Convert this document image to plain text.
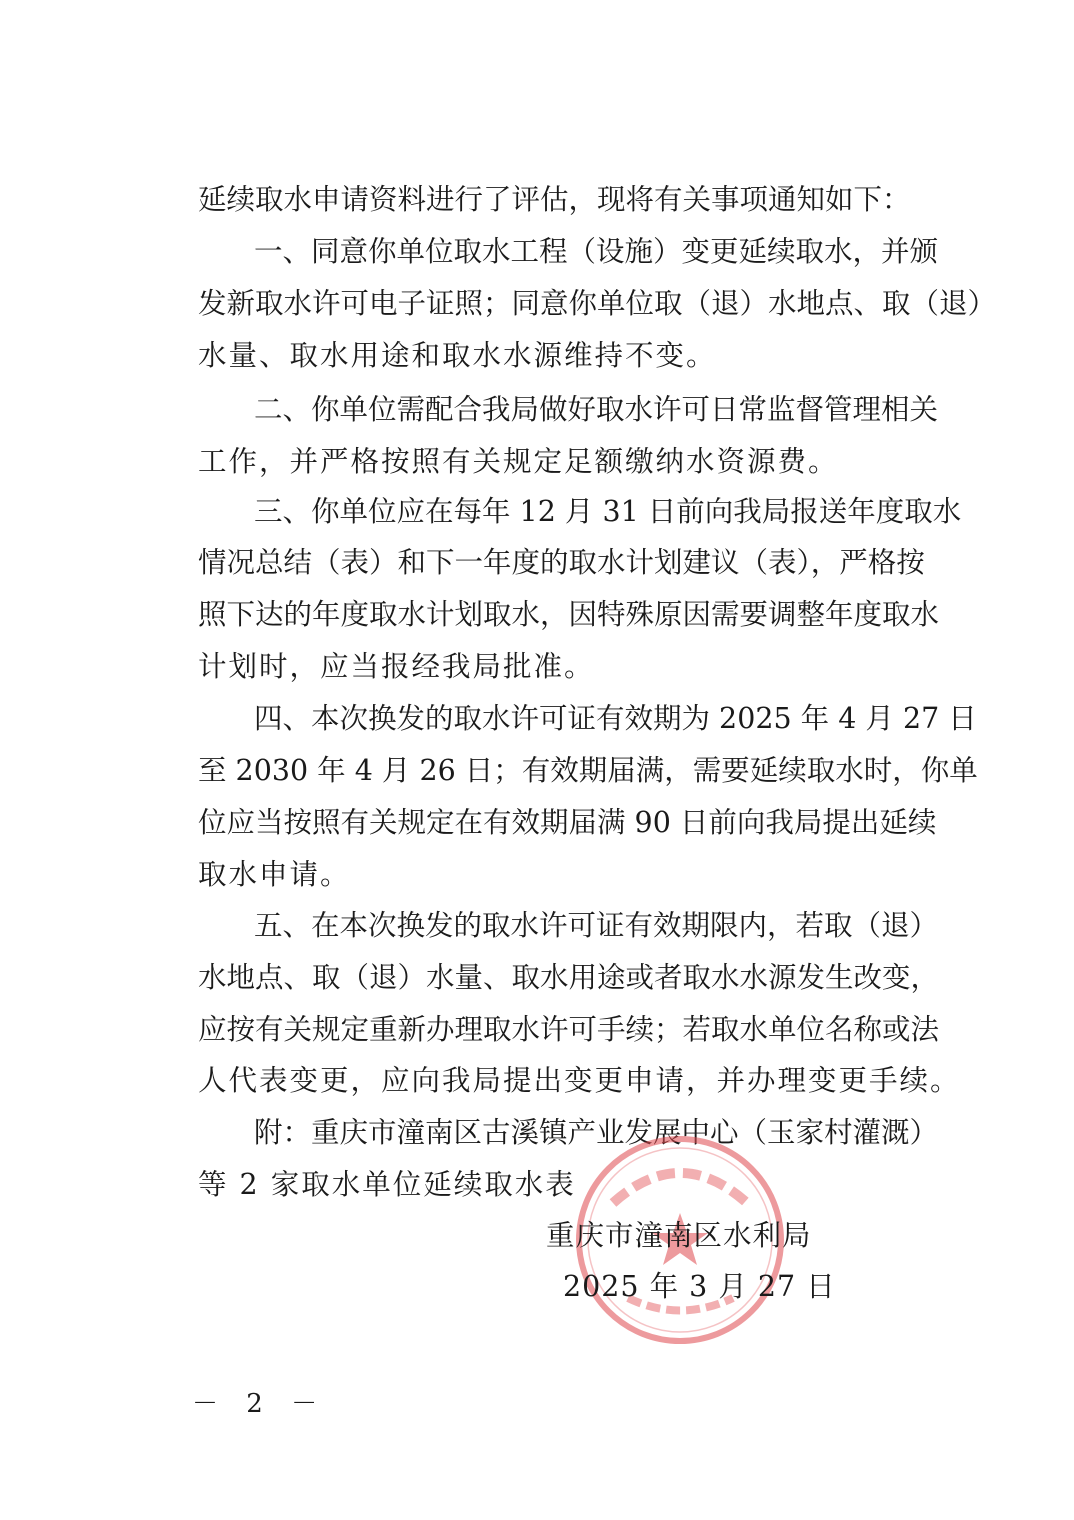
延续取水申请资料进行了评估，现将有关事项通知如下：
一、同意你单位取水工程（设施）变更延续取水，并颁
发新取水许可电子证照；同意你单位取（退）水地点、取（退）
水量、取水用途和取水水源维持不变。
二、你单位需配合我局做好取水许可日常监督管理相关
工作，并严格按照有关规定足额缴纳水资源费。
三、你单位应在每年 12 月 31 日前向我局报送年度取水
情况总结（表）和下一年度的取水计划建议（表），严格按
照下达的年度取水计划取水，因特殊原因需要调整年度取水
计划时，应当报经我局批准。
四、本次换发的取水许可证有效期为 2025 年 4 月 27 日
至 2030 年 4 月 26 日；有效期届满，需要延续取水时，你单
位应当按照有关规定在有效期届满 90 日前向我局提出延续
取水申请。
五、在本次换发的取水许可证有效期限内，若取（退）
水地点、取（退）水量、取水用途或者取水水源发生改变，
应按有关规定重新办理取水许可手续；若取水单位名称或法
人代表变更，应向我局提出变更申请，并办理变更手续。
附：重庆市潼南区古溪镇产业发展中心（玉家村灌溉）
等 2 家取水单位延续取水表
重庆市潼南区水利局
2025 年 3 月 27 日
－ 2 －
